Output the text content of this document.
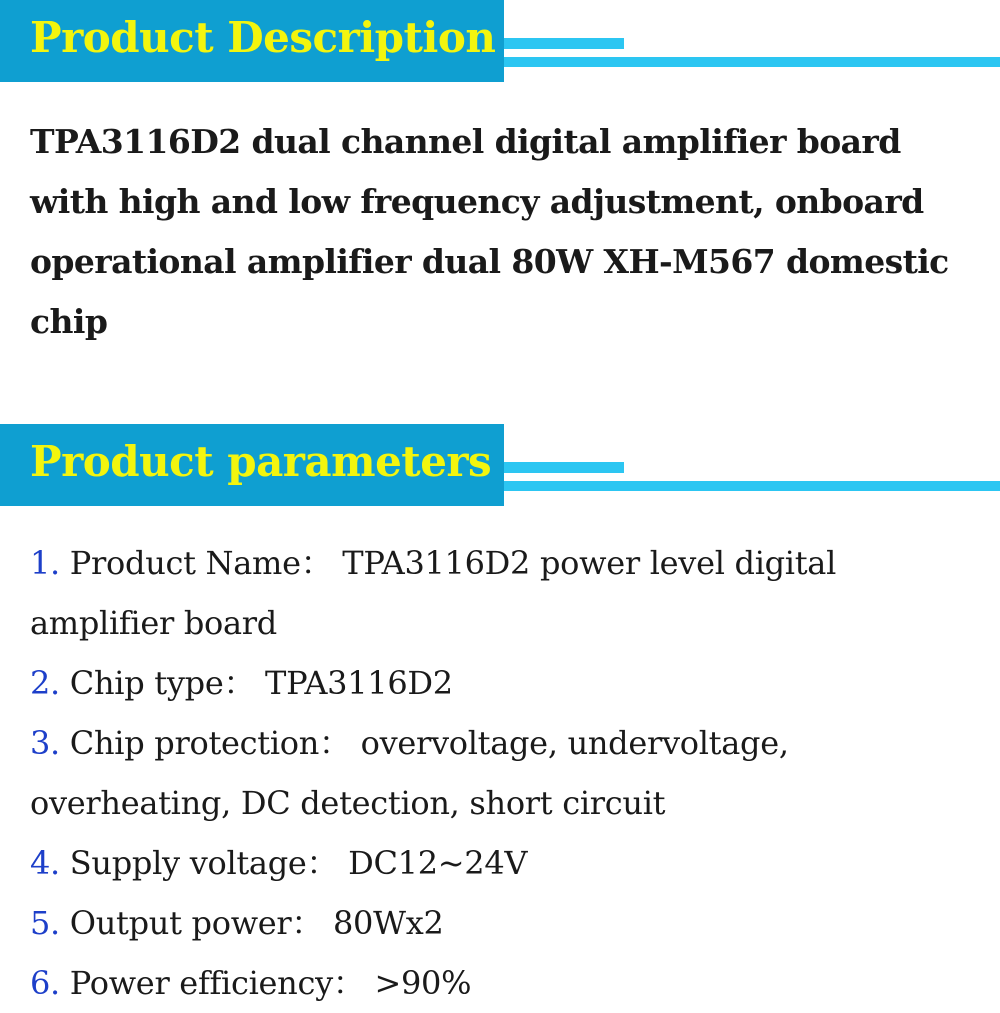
Product Description

TPA3116D2 dual channel digital amplifier board with high and low frequency adjustment, onboard operational amplifier dual 80W XH-M567 domestic chip

Product parameters
1. Product Name： TPA3116D2 power level digital amplifier board
2. Chip type： TPA3116D2
3. Chip protection： overvoltage, undervoltage, overheating, DC detection, short circuit
4. Supply voltage： DC12~24V
5. Output power： 80Wx2
6. Power efficiency： >90%
